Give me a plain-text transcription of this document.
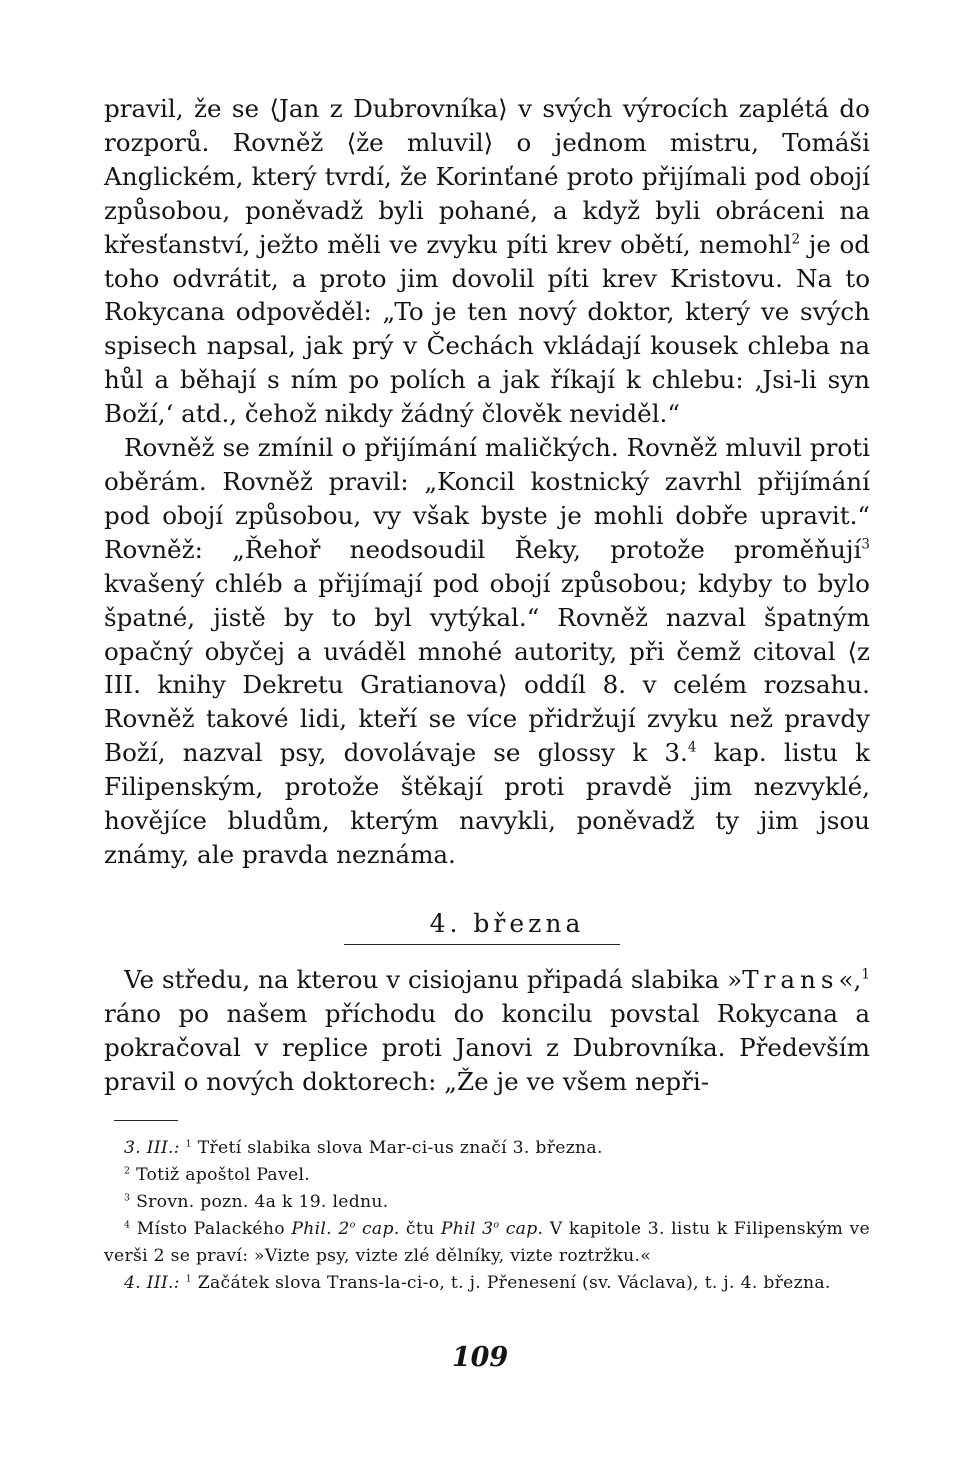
pravil, že se ⟨Jan z Dubrovníka⟩ v svých výrocích zaplétá do rozporů. Rovněž ⟨že mluvil⟩ o jednom mistru, Tomáši Anglickém, který tvrdí, že Korinťané proto přijímali pod obojí způsobou, poněvadž byli pohané, a když byli obráceni na křesťanství, ježto měli ve zvyku píti krev obětí, nemohl$^2$ je od toho odvrátit, a proto jim dovolil píti krev Kristovu. Na to Rokycana odpověděl: „To je ten nový doktor, který ve svých spisech napsal, jak prý v Čechách vkládají kousek chleba na hůl a běhají s ním po polích a jak říkají k chlebu: ‚Jsi-li syn Boží,‘ atd., čehož nikdy žádný člověk neviděl.“

Rovněž se zmínil o přijímání maličkých. Rovněž mluvil proti oběrám. Rovněž pravil: „Koncil kostnický zavrhl přijímání pod obojí způsobou, vy však byste je mohli dobře upravit.“ Rovněž: „Řehoř neodsoudil Řeky, protože proměňují$^3$ kvašený chléb a přijímají pod obojí způsobou; kdyby to bylo špatné, jistě by to byl vytýkal.“ Rovněž nazval špatným opačný obyčej a uváděl mnohé autority, při čemž citoval ⟨z III. knihy Dekretu Gratianova⟩ oddíl 8. v celém rozsahu. Rovněž takové lidi, kteří se více přidržují zvyku než pravdy Boží, nazval psy, dovolávaje se glossy k 3.$^4$ kap. listu k Filipenským, protože štěkají proti pravdě jim nezvyklé, hovějíce bludům, kterým navykli, poněvadž ty jim jsou známy, ale pravda neznáma.

4. března

Ve středu, na kterou v cisiojanu připadá slabika »Trans«,$^1$ ráno po našem příchodu do koncilu povstal Rokycana a pokračoval v replice proti Janovi z Dubrovníka. Především pravil o nových doktorech: „Že je ve všem nepři-

3. III.: $^1$ Třetí slabika slova Mar-ci-us značí 3. března.

$^2$ Totiž apoštol Pavel.

$^3$ Srovn. pozn. 4a k 19. lednu.

$^4$ Místo Palackého Phil. 2$^o$ cap. čtu Phil 3$^o$ cap. V kapitole 3. listu k Filipenským ve verši 2 se praví: »Vizte psy, vizte zlé dělníky, vizte roztržku.«

4. III.: $^1$ Začátek slova Trans-la-ci-o, t. j. Přenesení (sv. Václava), t. j. 4. března.

109
